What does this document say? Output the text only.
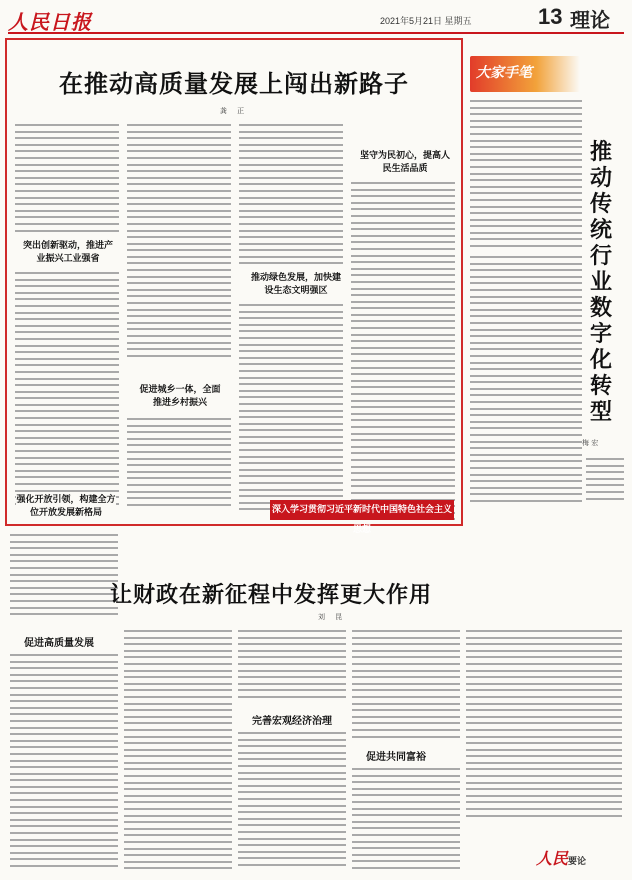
人民日报	2021年5月21日 星期五	13 理论
在推动高质量发展上闯出新路子
龚 正
突出创新驱动，推进产业振兴工业强省
促进城乡一体，全面推进乡村振兴
推动绿色发展，加快建设生态文明强区
坚守为民初心，提高人民生活品质
强化开放引领，构建全方位开放发展新格局	深入学习贯彻习近平新时代中国特色社会主义思想
大家手笔
推动传统行业数字化转型
梅 宏
让财政在新征程中发挥更大作用
刘 昆
促进高质量发展
完善宏观经济治理
促进共同富裕
人民要论
